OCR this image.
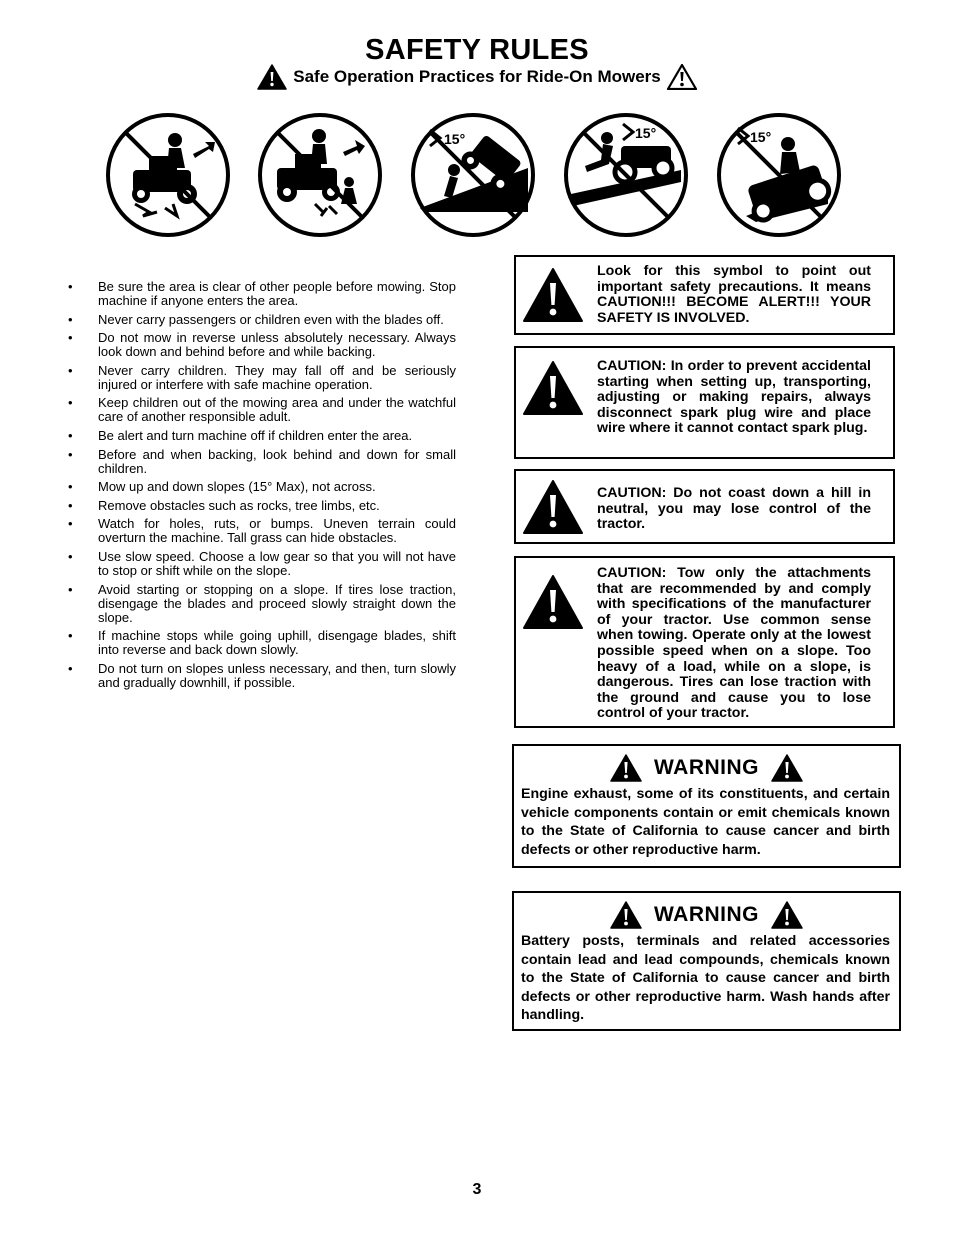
SAFETY RULES
Safe Operation Practices for Ride-On Mowers
15°	15°	15°
• Be sure the area is clear of other people before mowing. Stop machine if anyone enters the area.
• Never carry passengers or children even with the blades off.
• Do not mow in reverse unless absolutely necessary. Always look down and behind before and while backing.
• Never carry children. They may fall off and be seriously injured or interfere with safe machine operation.
• Keep children out of the mowing area and under the watchful care of another responsible adult.
• Be alert and turn machine off if children enter the area.
• Before and when backing, look behind and down for small children.
• Mow up and down slopes (15° Max), not across.
• Remove obstacles such as rocks, tree limbs, etc.
• Watch for holes, ruts, or bumps. Uneven terrain could overturn the machine. Tall grass can hide obstacles.
• Use slow speed. Choose a low gear so that you will not have to stop or shift while on the slope.
• Avoid starting or stopping on a slope. If tires lose traction, disengage the blades and proceed slowly straight down the slope.
• If machine stops while going uphill, disengage blades, shift into reverse and back down slowly.
• Do not turn on slopes unless necessary, and then, turn slowly and gradually downhill, if possible.
Look for this symbol to point out important safety precautions. It means CAUTION!!! BECOME ALERT!!! YOUR SAFETY IS INVOLVED.
CAUTION: In order to prevent accidental starting when setting up, transporting, adjusting or making repairs, always disconnect spark plug wire and place wire where it cannot contact spark plug.
CAUTION: Do not coast down a hill in neutral, you may lose control of the tractor.
CAUTION: Tow only the attachments that are recommended by and comply with specifications of the manufacturer of your tractor. Use common sense when towing. Operate only at the lowest possible speed when on a slope. Too heavy of a load, while on a slope, is dangerous. Tires can lose traction with the ground and cause you to lose control of your tractor.
WARNING
Engine exhaust, some of its constituents, and certain vehicle components contain or emit chemicals known to the State of California to cause cancer and birth defects or other reproductive harm.
WARNING
Battery posts, terminals and related accessories contain lead and lead compounds, chemicals known to the State of California to cause cancer and birth defects or other reproductive harm. Wash hands after handling.
3
